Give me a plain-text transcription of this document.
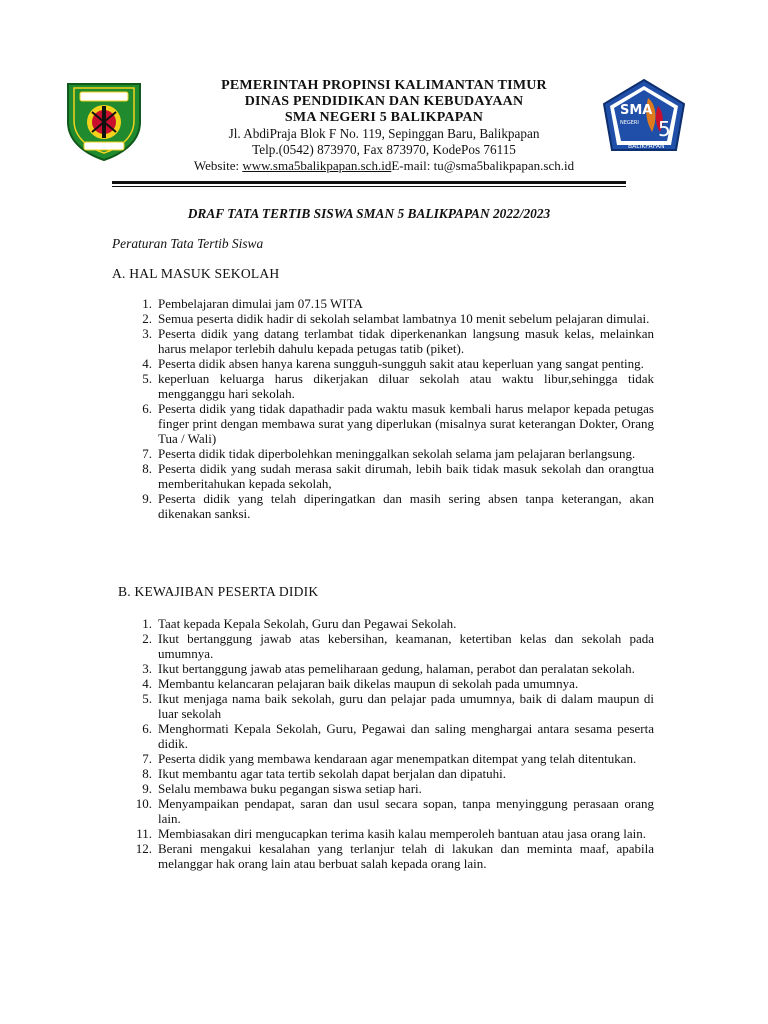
PEMERINTAH PROPINSI KALIMANTAN TIMUR
DINAS PENDIDIKAN DAN KEBUDAYAAN
SMA NEGERI 5 BALIKPAPAN
Jl. AbdiPraja Blok F No. 119, Sepinggan Baru, Balikpapan
Telp.(0542) 873970, Fax 873970, KodePos 76115
Website: www.sma5balikpapan.sch.idE-mail: tu@sma5balikpapan.sch.id
SMA
NEGERI 5
BALIKPAPAN
DRAF TATA TERTIB SISWA SMAN 5 BALIKPAPAN 2022/2023
Peraturan Tata Tertib Siswa
A. HAL MASUK SEKOLAH
1. Pembelajaran dimulai jam 07.15 WITA
2. Semua peserta didik hadir di sekolah selambat lambatnya 10 menit sebelum pelajaran dimulai.
3. Peserta didik yang datang terlambat tidak diperkenankan langsung masuk kelas, melainkan harus melapor terlebih dahulu kepada petugas tatib (piket).
4. Peserta didik absen hanya karena sungguh-sungguh sakit atau keperluan yang sangat penting.
5. keperluan keluarga harus dikerjakan diluar sekolah atau waktu libur,sehingga tidak mengganggu hari sekolah.
6. Peserta didik yang tidak dapathadir pada waktu masuk kembali harus melapor kepada petugas finger print dengan membawa surat yang diperlukan (misalnya surat keterangan Dokter, Orang Tua / Wali)
7. Peserta didik tidak diperbolehkan meninggalkan sekolah selama jam pelajaran berlangsung.
8. Peserta didik yang sudah merasa sakit dirumah, lebih baik tidak masuk sekolah dan orangtua memberitahukan kepada sekolah,
9. Peserta didik yang telah diperingatkan dan masih sering absen tanpa keterangan, akan dikenakan sanksi.
B. KEWAJIBAN PESERTA DIDIK
1. Taat kepada Kepala Sekolah, Guru dan Pegawai Sekolah.
2. Ikut bertanggung jawab atas kebersihan, keamanan, ketertiban kelas dan sekolah pada umumnya.
3. Ikut bertanggung jawab atas pemeliharaan gedung, halaman, perabot dan peralatan sekolah.
4. Membantu kelancaran pelajaran baik dikelas maupun di sekolah pada umumnya.
5. Ikut menjaga nama baik sekolah, guru dan pelajar pada umumnya, baik di dalam maupun di luar sekolah
6. Menghormati Kepala Sekolah, Guru, Pegawai dan saling menghargai antara sesama peserta didik.
7. Peserta didik yang membawa kendaraan agar menempatkan ditempat yang telah ditentukan.
8. Ikut membantu agar tata tertib sekolah dapat berjalan dan dipatuhi.
9. Selalu membawa buku pegangan siswa setiap hari.
10. Menyampaikan pendapat, saran dan usul secara sopan, tanpa menyinggung perasaan orang lain.
11. Membiasakan diri mengucapkan terima kasih kalau memperoleh bantuan atau jasa orang lain.
12. Berani mengakui kesalahan yang terlanjur telah di lakukan dan meminta maaf, apabila melanggar hak orang lain atau berbuat salah kepada orang lain.
